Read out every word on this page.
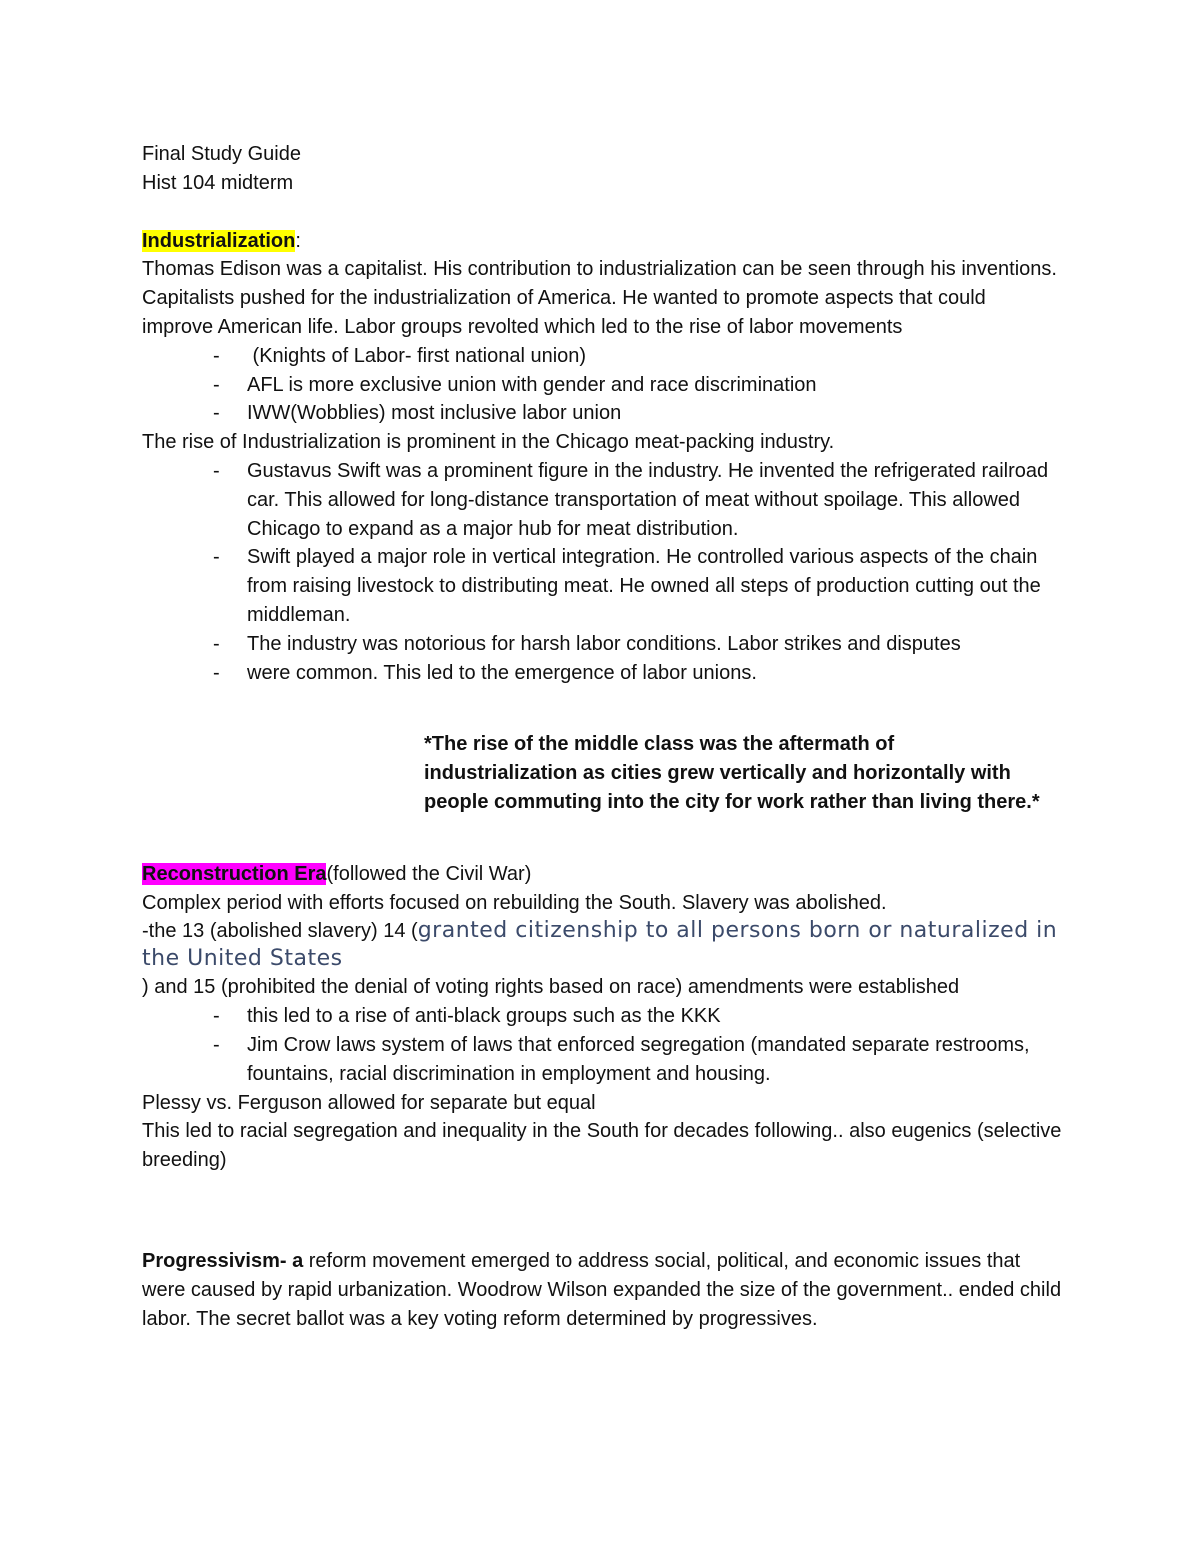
Final Study Guide

Hist 104 midterm

Industrialization:

Thomas Edison was a capitalist. His contribution to industrialization can be seen through his inventions. Capitalists pushed for the industrialization of America. He wanted to promote aspects that could improve American life. Labor groups revolted which led to the rise of labor movements

- (Knights of Labor- first national union)
- AFL is more exclusive union with gender and race discrimination
- IWW(Wobblies) most inclusive labor union

The rise of Industrialization is prominent in the Chicago meat-packing industry.

- Gustavus Swift was a prominent figure in the industry. He invented the refrigerated railroad car. This allowed for long-distance transportation of meat without spoilage. This allowed Chicago to expand as a major hub for meat distribution.
- Swift played a major role in vertical integration. He controlled various aspects of the chain from raising livestock to distributing meat. He owned all steps of production cutting out the middleman.
- The industry was notorious for harsh labor conditions. Labor strikes and disputes
- were common. This led to the emergence of labor unions.

*The rise of the middle class was the aftermath of industrialization as cities grew vertically and horizontally with people commuting into the city for work rather than living there.*

Reconstruction Era(followed the Civil War)

Complex period with efforts focused on rebuilding the South. Slavery was abolished.

-the 13 (abolished slavery) 14 (granted citizenship to all persons born or naturalized in the United States

) and 15 (prohibited the denial of voting rights based on race) amendments were established

- this led to a rise of anti-black groups such as the KKK
- Jim Crow laws system of laws that enforced segregation (mandated separate restrooms, fountains, racial discrimination in employment and housing.

Plessy vs. Ferguson allowed for separate but equal

This led to racial segregation and inequality in the South for decades following.. also eugenics (selective breeding)

Progressivism- a reform movement emerged to address social, political, and economic issues that were caused by rapid urbanization. Woodrow Wilson expanded the size of the government.. ended child labor. The secret ballot was a key voting reform determined by progressives.
